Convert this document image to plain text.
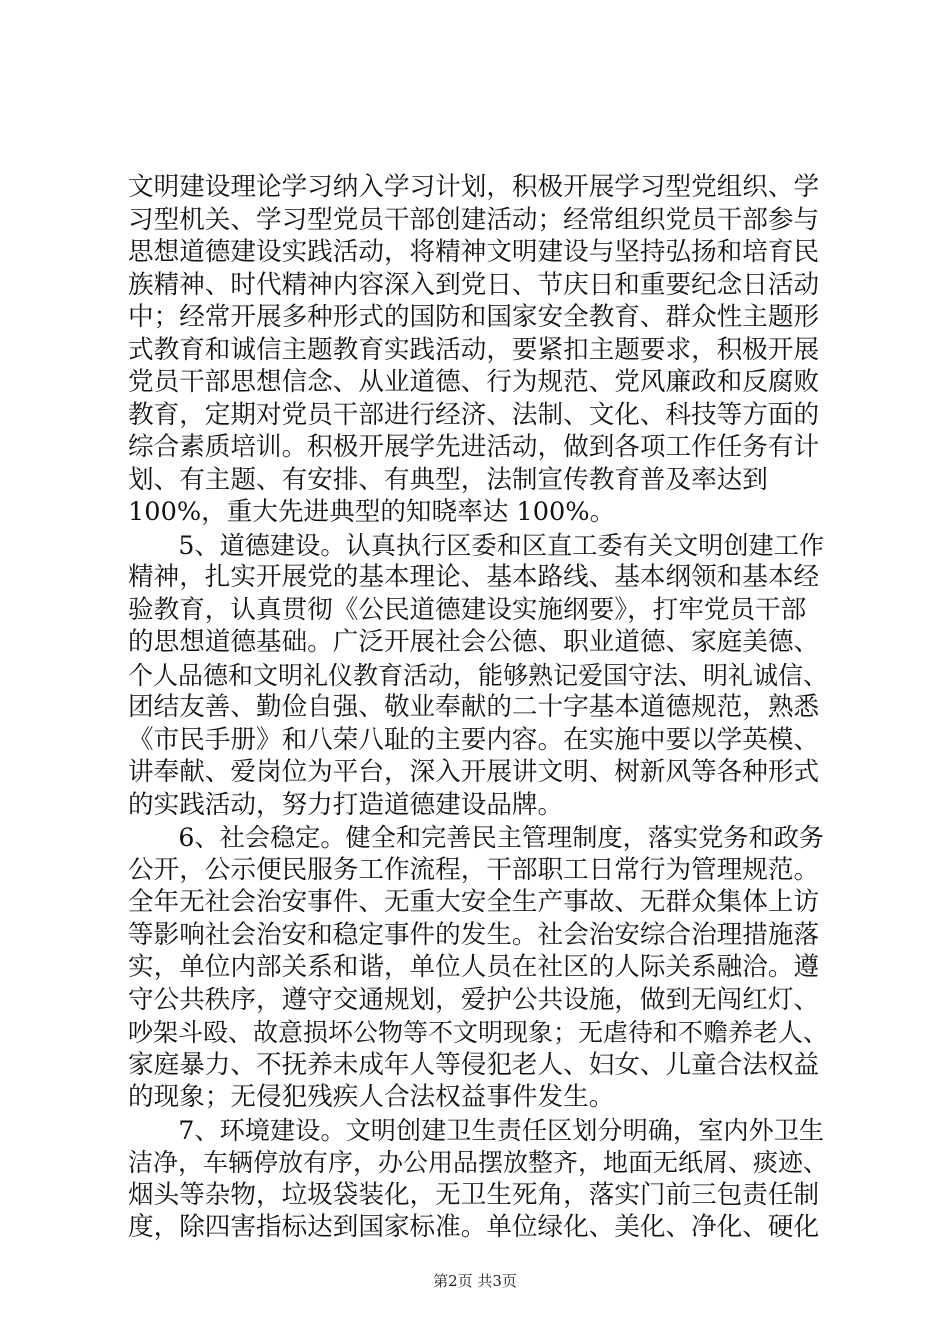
文明建设理论学习纳入学习计划，积极开展学习型党组织、学
习型机关、学习型党员干部创建活动；经常组织党员干部参与
思想道德建设实践活动，将精神文明建设与坚持弘扬和培育民
族精神、时代精神内容深入到党日、节庆日和重要纪念日活动
中；经常开展多种形式的国防和国家安全教育、群众性主题形
式教育和诚信主题教育实践活动，要紧扣主题要求，积极开展
党员干部思想信念、从业道德、行为规范、党风廉政和反腐败
教育，定期对党员干部进行经济、法制、文化、科技等方面的
综合素质培训。积极开展学先进活动，做到各项工作任务有计
划、有主题、有安排、有典型，法制宣传教育普及率达到
100%，重大先进典型的知晓率达 100%。
　　5、道德建设。认真执行区委和区直工委有关文明创建工作
精神，扎实开展党的基本理论、基本路线、基本纲领和基本经
验教育，认真贯彻《公民道德建设实施纲要》，打牢党员干部
的思想道德基础。广泛开展社会公德、职业道德、家庭美德、
个人品德和文明礼仪教育活动，能够熟记爱国守法、明礼诚信、
团结友善、勤俭自强、敬业奉献的二十字基本道德规范，熟悉
《市民手册》和八荣八耻的主要内容。在实施中要以学英模、
讲奉献、爱岗位为平台，深入开展讲文明、树新风等各种形式
的实践活动，努力打造道德建设品牌。
　　6、社会稳定。健全和完善民主管理制度，落实党务和政务
公开，公示便民服务工作流程，干部职工日常行为管理规范。
全年无社会治安事件、无重大安全生产事故、无群众集体上访
等影响社会治安和稳定事件的发生。社会治安综合治理措施落
实，单位内部关系和谐，单位人员在社区的人际关系融洽。遵
守公共秩序，遵守交通规划，爱护公共设施，做到无闯红灯、
吵架斗殴、故意损坏公物等不文明现象；无虐待和不赡养老人、
家庭暴力、不抚养未成年人等侵犯老人、妇女、儿童合法权益
的现象；无侵犯残疾人合法权益事件发生。
　　7、环境建设。文明创建卫生责任区划分明确，室内外卫生
洁净，车辆停放有序，办公用品摆放整齐，地面无纸屑、痰迹、
烟头等杂物，垃圾袋装化，无卫生死角，落实门前三包责任制
度，除四害指标达到国家标准。单位绿化、美化、净化、硬化
第2页 共3页
